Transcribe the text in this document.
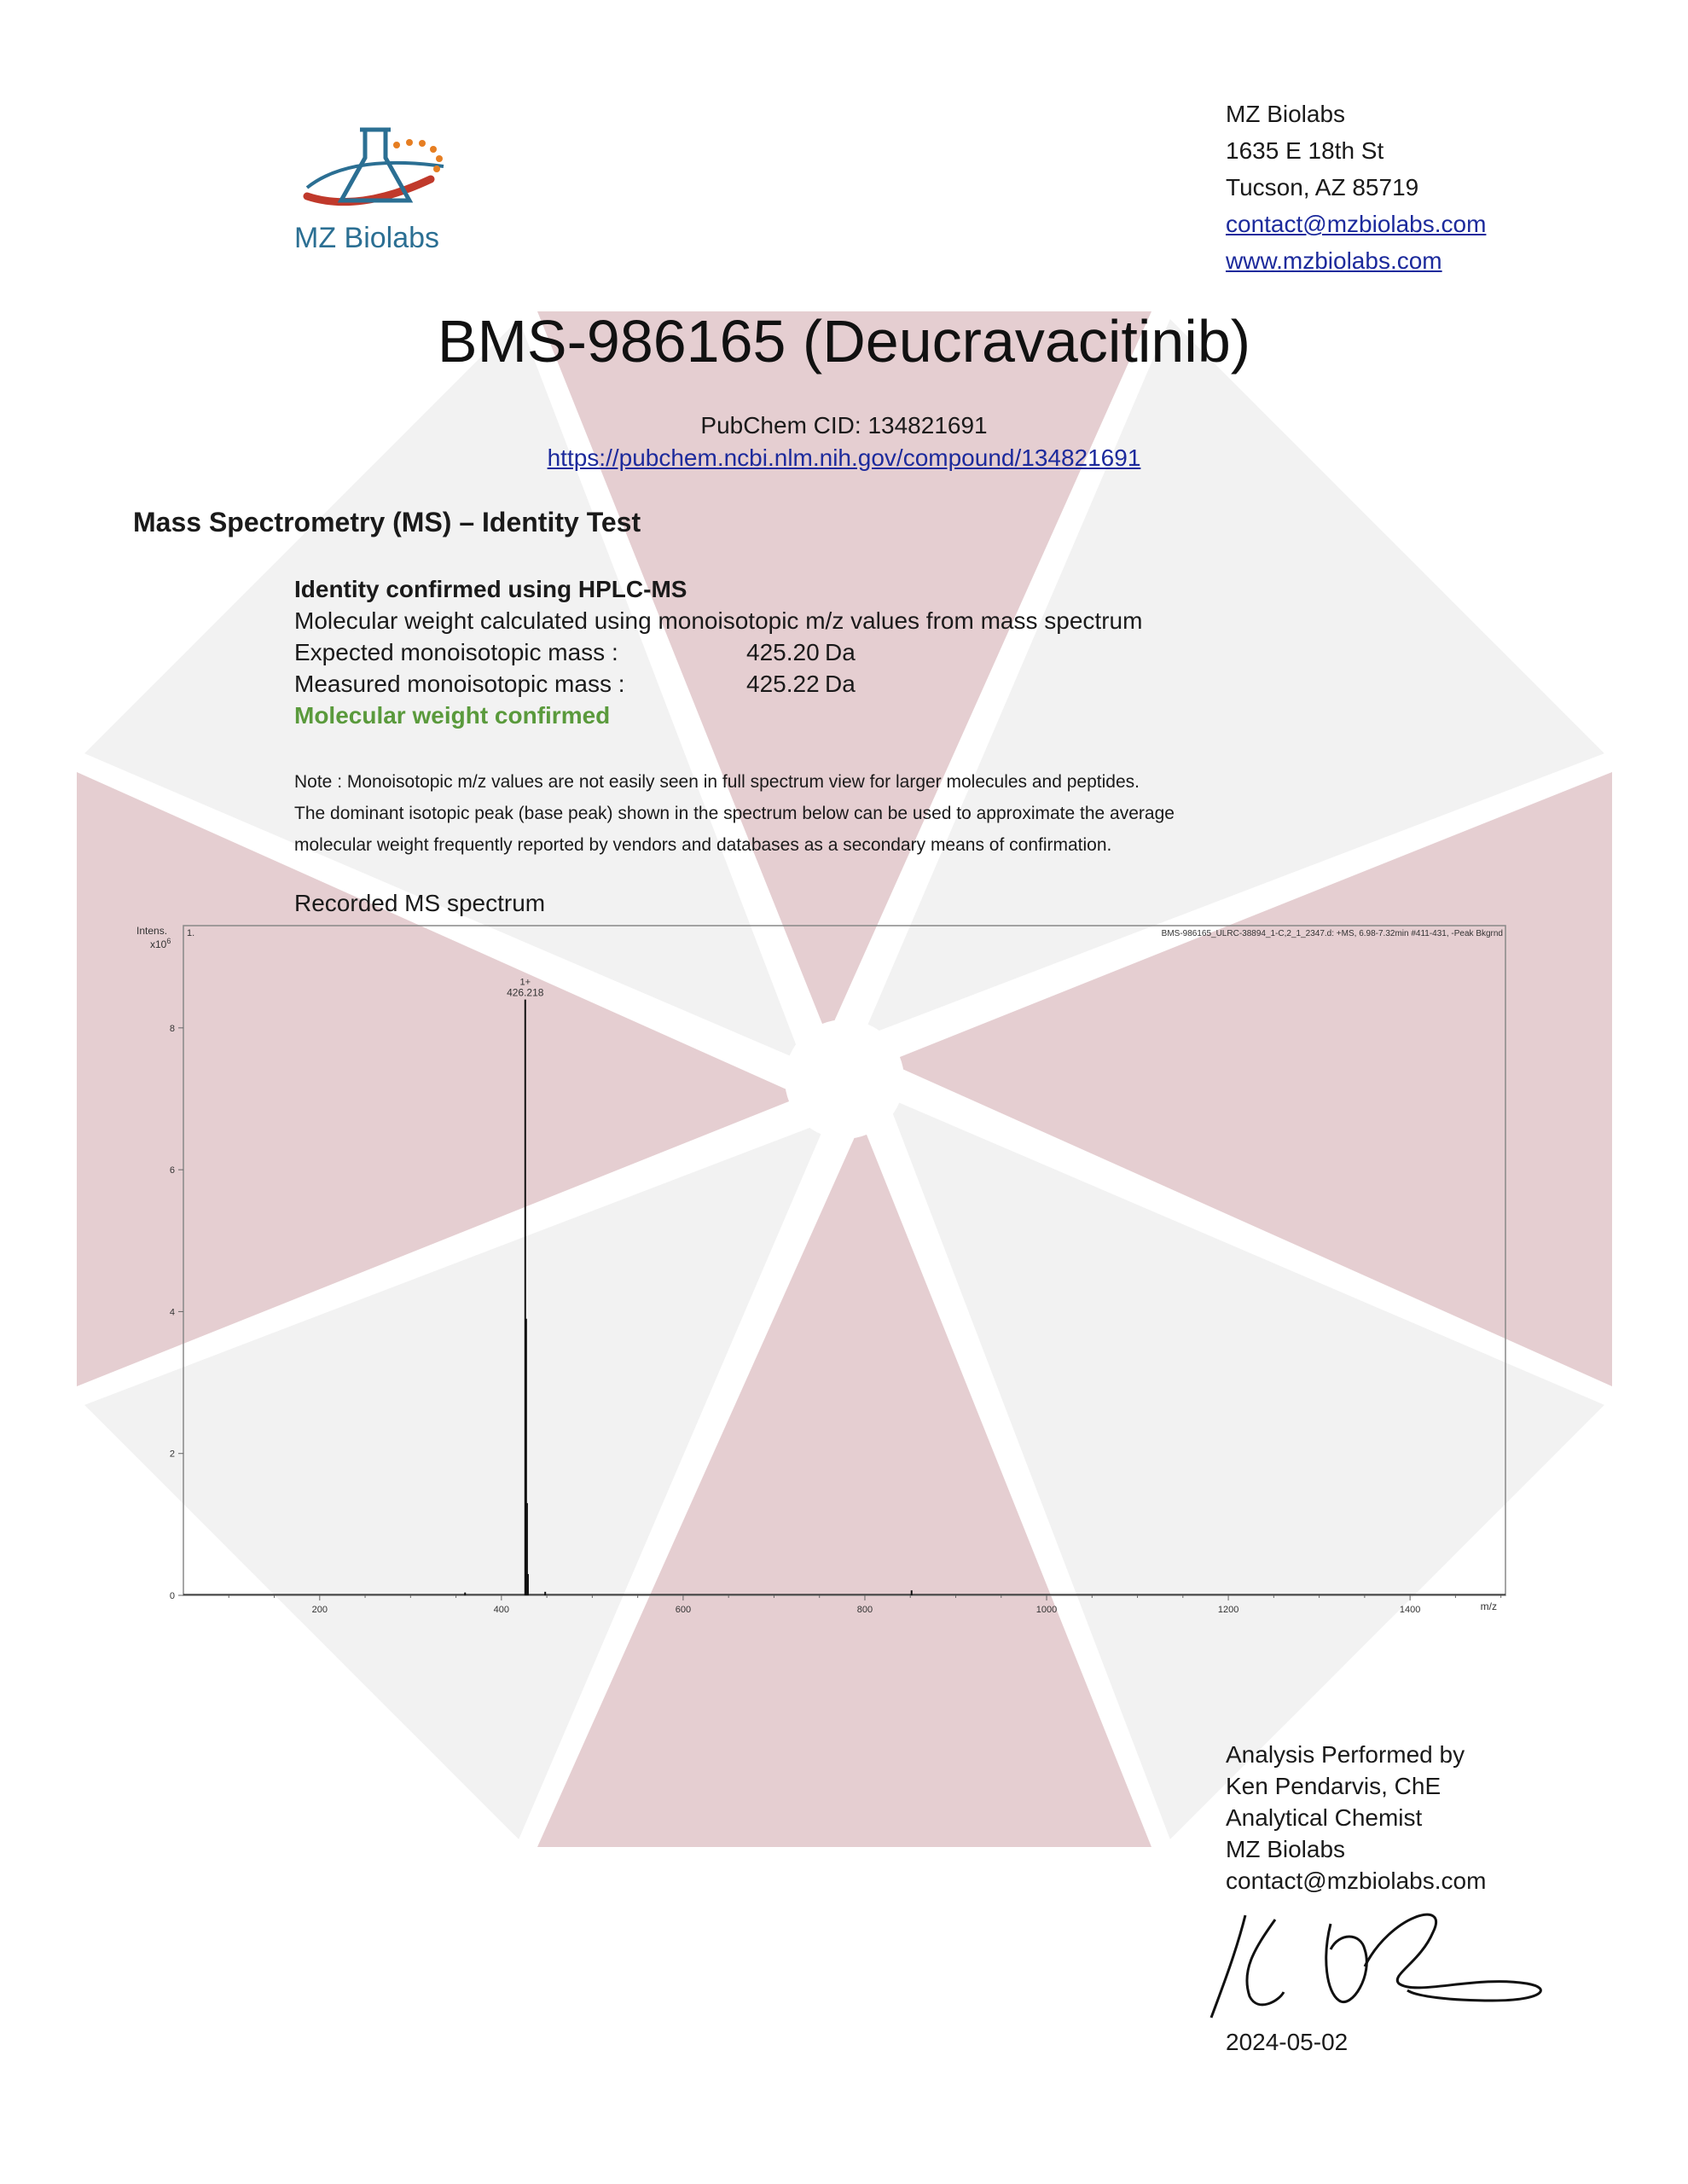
MZ Biolabs
MZ Biolabs
1635 E 18th St
Tucson, AZ 85719
contact@mzbiolabs.com
www.mzbiolabs.com
BMS-986165 (Deucravacitinib)
PubChem CID: 134821691
https://pubchem.ncbi.nlm.nih.gov/compound/134821691
Mass Spectrometry (MS) – Identity Test
Identity confirmed using HPLC-MS
Molecular weight calculated using monoisotopic m/z values from mass spectrum
Expected monoisotopic mass :	425.20 Da
Measured monoisotopic mass :	425.22 Da
Molecular weight confirmed
Note : Monoisotopic m/z values are not easily seen in full spectrum view for larger molecules and peptides.
The dominant isotopic peak (base peak) shown in the spectrum below can be used to approximate the average
molecular weight frequently reported by vendors and databases as a secondary means of confirmation.
Recorded MS spectrum
Intens.
$x10^6$
1.	BMS-986165_ULRC-38894_1-C,2_1_2347.d: +MS, 6.98-7.32min #411-431, -Peak Bkgrnd
m/z
0
2
4
6
8
200	400	600	800	1000	1200	1400
1+
426.218
Analysis Performed by
Ken Pendarvis, ChE
Analytical Chemist
MZ Biolabs
contact@mzbiolabs.com
2024-05-02
